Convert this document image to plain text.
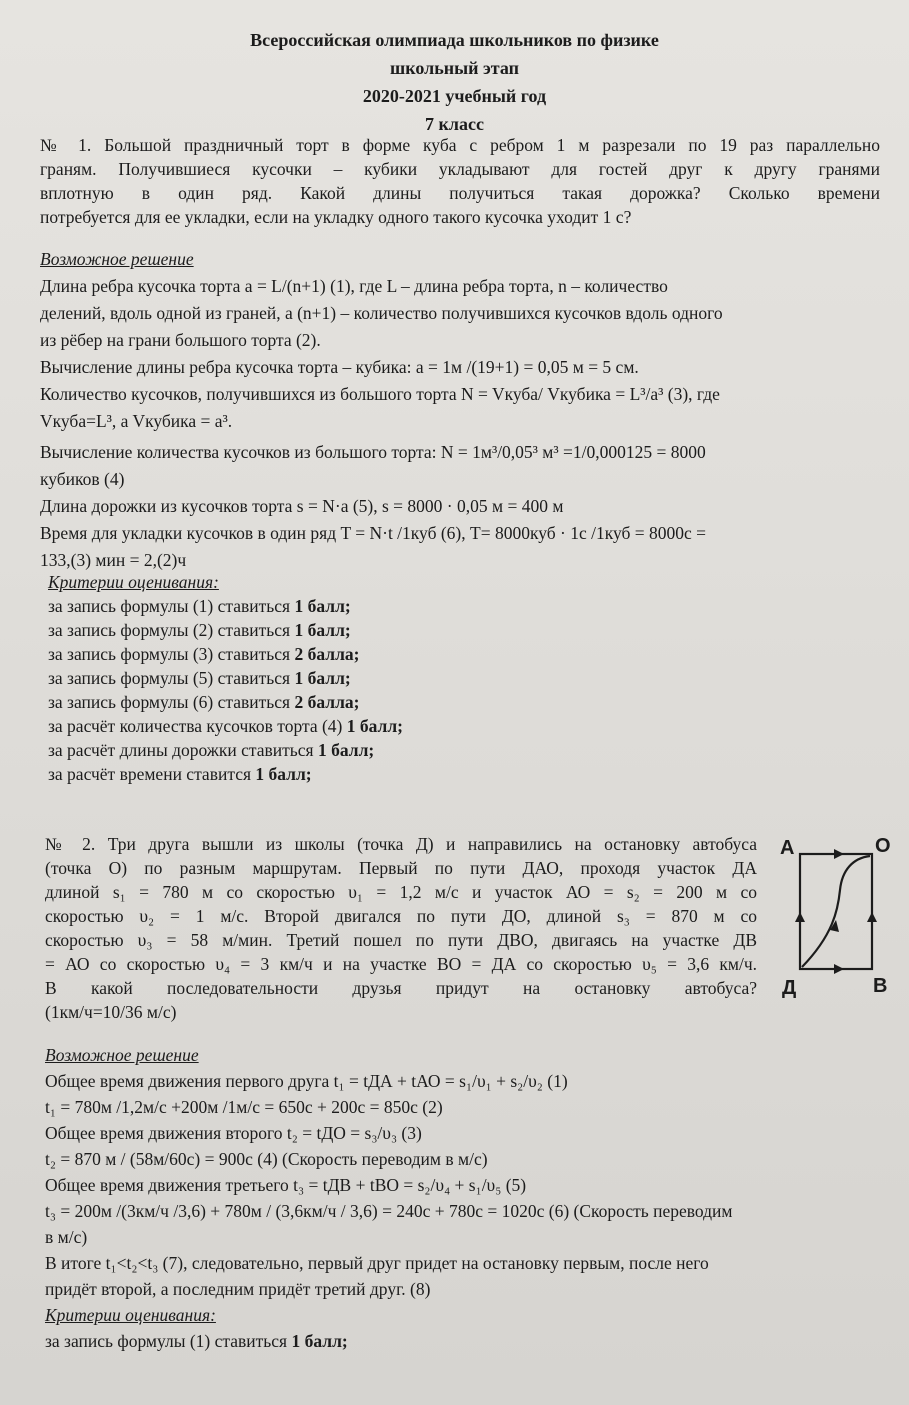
Всероссийская олимпиада школьников по физике
школьный этап
2020-2021 учебный год
7 класс
№ 1. Большой праздничный торт в форме куба с ребром 1 м разрезали по 19 раз параллельно
граням. Получившиеся кусочки – кубики укладывают для гостей друг к другу гранями
вплотную в один ряд. Какой длины получиться такая дорожка? Сколько времени
потребуется для ее укладки, если на укладку одного такого кусочка уходит 1 с?
Возможное решение
Длина ребра кусочка торта a = L/(n+1) (1), где L – длина ребра торта, n – количество
делений, вдоль одной из граней, а (n+1) – количество получившихся кусочков вдоль одного
из рёбер на грани большого торта (2).
Вычисление длины ребра кусочка торта – кубика: a = 1м /(19+1) = 0,05 м = 5 см.
Количество кусочков, получившихся из большого торта N = Vкуба/ Vкубика = L³/a³ (3), где
Vкуба=L³, a Vкубика = a³.
Вычисление количества кусочков из большого торта: N = 1м³/0,05³ м³ =1/0,000125 = 8000
кубиков (4)
Длина дорожки из кусочков торта s = N·a (5), s = 8000 · 0,05 м = 400 м
Время для укладки кусочков в один ряд T = N·t /1куб (6), T= 8000куб · 1с /1куб = 8000с =
133,(3) мин = 2,(2)ч
Критерии оценивания:
за запись формулы (1) ставиться 1 балл;
за запись формулы (2) ставиться 1 балл;
за запись формулы (3) ставиться 2 балла;
за запись формулы (5) ставиться 1 балл;
за запись формулы (6) ставиться 2 балла;
за расчёт количества кусочков торта (4) 1 балл;
за расчёт длины дорожки ставиться 1 балл;
за расчёт времени ставится 1 балл;
№ 2. Три друга вышли из школы (точка Д) и направились на остановку автобуса
(точка О) по разным маршрутам. Первый по пути ДАО, проходя участок ДА
длиной s₁ = 780 м со скоростью υ₁ = 1,2 м/с и участок АО = s₂ = 200 м со
скоростью υ₂ = 1 м/с. Второй двигался по пути ДО, длиной s₃ = 870 м со
скоростью υ₃ = 58 м/мин. Третий пошел по пути ДВО, двигаясь на участке ДВ
= АО со скоростью υ₄ = 3 км/ч и на участке ВО = ДА со скоростью υ₅ = 3,6 км/ч.
В какой последовательности друзья придут на остановку автобуса?
(1км/ч=10/36 м/с)
A	O
Д	B
Возможное решение
Общее время движения первого друга t₁ = tДА + tАО = s₁/υ₁ + s₂/υ₂ (1)
t₁ = 780м /1,2м/с +200м /1м/с = 650с + 200с = 850с (2)
Общее время движения второго t₂ = tДО = s₃/υ₃ (3)
t₂ = 870 м / (58м/60с) = 900с (4) (Скорость переводим в м/с)
Общее время движения третьего t₃ = tДВ + tВО = s₂/υ₄ + s₁/υ₅ (5)
t₃ = 200м /(3км/ч /3,6) + 780м / (3,6км/ч / 3,6) = 240с + 780с = 1020с (6) (Скорость переводим
в м/с)
В итоге t₁<t₂<t₃ (7), следовательно, первый друг придет на остановку первым, после него
придёт второй, а последним придёт третий друг. (8)
Критерии оценивания:
за запись формулы (1) ставиться 1 балл;
